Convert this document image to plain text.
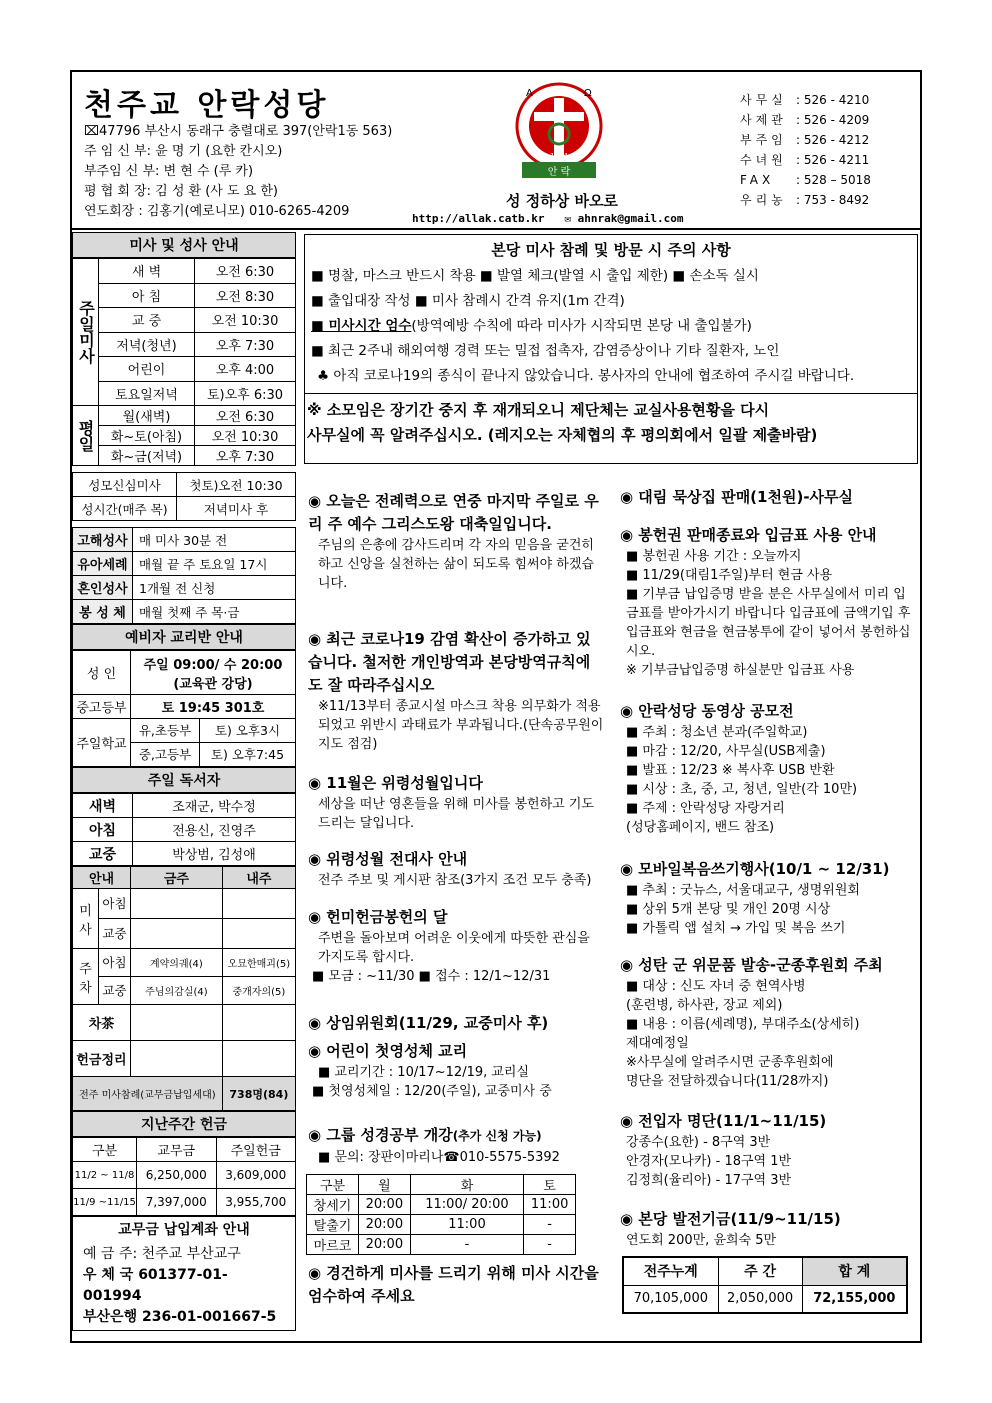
천주교 안락성당
⌧47796 부산시 동래구 충렬대로 397(안락1동 563)
주 임 신 부: 윤 명 기 (요한 칸시오)
부주임 신 부: 변 현 수 (루 카)
평 협 회 장: 김 성 환 (사 도 요 한)
연도회장 : 김홍기(예로니모) 010-6265-4209
Α	Ω
안 락
1984
성 정하상 바오로
http://allak.catb.kr ✉ ahnrak@gmail.com
사무실 : 526 - 4210
사제관 : 526 - 4209
부주임 : 526 - 4212
수녀원 : 526 - 4211
FAX : 528 – 5018
우리농 : 753 - 8492
미사 및 성사 안내
주일미사	새 벽	오전 6:30
	아 침	오전 8:30
	교 중	오전 10:30
	저녁(청년)	오후 7:30
	어린이	오후 4:00
	토요일저녁	토)오후 6:30
평일	월(새벽)	오전 6:30
	화~토(아침)	오전 10:30
	화~금(저녁)	오후 7:30
성모신심미사	첫토)오전 10:30
성시간(매주 목)	저녁미사 후
고해성사	매 미사 30분 전
유아세례	매월 끝 주 토요일 17시
혼인성사	1개월 전 신청
봉 성 체	매월 첫째 주 목·금
예비자 교리반 안내
성 인	주일 09:00/ 수 20:00
(교육관 강당)	

중고등부	토 19:45 301호	
주일학교	유,초등부	토) 오후3시
	중,고등부	토) 오후7:45
주일 독서자
새벽	조재군, 박수정
아침	전용신, 진영주
교중	박상범, 김성애
안내		금주	내주
미사	아침		
	교중		
주차	아침	계약의궤(4)	오묘한매괴(5)
	교중	주님의감실(4)	중개자의(5)
차茶			
헌금정리			
전주 미사참례(교무금납입세대)			738명(84)
지난주간 헌금
구분	교무금	주일헌금
11/2 ~ 11/8	6,250,000	3,609,000
11/9 ~11/15	7,397,000	3,955,700
교무금 납입계좌 안내
예 금 주: 천주교 부산교구
우 체 국 601377-01-001994
부산은행 236-01-001667-5
본당 미사 참례 및 방문 시 주의 사항
■ 명찰, 마스크 반드시 착용 ■ 발열 체크(발열 시 출입 제한) ■ 손소독 실시
■ 출입대장 작성 ■ 미사 참례시 간격 유지(1m 간격)
■ 미사시간 엄수(방역예방 수칙에 따라 미사가 시작되면 본당 내 출입불가)
■ 최근 2주내 해외여행 경력 또는 밀접 접촉자, 감염증상이나 기타 질환자, 노인
♣ 아직 코로나19의 종식이 끝나지 않았습니다. 봉사자의 안내에 협조하여 주시길 바랍니다.
※ 소모임은 장기간 중지 후 재개되오니 제단체는 교실사용현황을 다시
사무실에 꼭 알려주십시오. (레지오는 자체협의 후 평의회에서 일괄 제출바람)
◉ 오늘은 전례력으로 연중 마지막 주일로 우리 주 예수 그리스도왕 대축일입니다.
주님의 은총에 감사드리며 각 자의 믿음을 굳건히 하고 신앙을 실천하는 삶이 되도록 힘써야 하겠습니다.
◉ 최근 코로나19 감염 확산이 증가하고 있습니다. 철저한 개인방역과 본당방역규칙에도 잘 따라주십시오
※11/13부터 종교시설 마스크 착용 의무화가 적용되었고 위반시 과태료가 부과됩니다.(단속공무원이 지도 점검)
◉ 11월은 위령성월입니다
세상을 떠난 영혼들을 위해 미사를 봉헌하고 기도 드리는 달입니다.
◉ 위령성월 전대사 안내
전주 주보 및 게시판 참조(3가지 조건 모두 충족)
◉ 헌미헌금봉헌의 달
주변을 돌아보며 어려운 이웃에게 따뜻한 관심을 가지도록 합시다.
■ 모금 : ~11/30 ■ 접수 : 12/1~12/31
◉ 상임위원회(11/29, 교중미사 후)
◉ 어린이 첫영성체 교리
■ 교리기간 : 10/17~12/19, 교리실
■ 첫영성체일 : 12/20(주일), 교중미사 중
◉ 그룹 성경공부 개강(추가 신청 가능)
■ 문의: 장판이마리나☎010-5575-5392
◉ 경건하게 미사를 드리기 위해 미사 시간을 엄수하여 주세요
◉ 대림 묵상집 판매(1천원)-사무실
◉ 봉헌권 판매종료와 입금표 사용 안내
■ 봉헌권 사용 기간 : 오늘까지
■ 11/29(대림1주일)부터 현금 사용
■ 기부금 납입증명 받을 분은 사무실에서 미리 입금표를 받아가시기 바랍니다 입금표에 금액기입 후 입금표와 현금을 현금봉투에 같이 넣어서 봉헌하십시오.
※ 기부금납입증명 하실분만 입금표 사용
◉ 안락성당 동영상 공모전
■ 주최 : 청소년 분과(주일학교)
■ 마감 : 12/20, 사무실(USB제출)
■ 발표 : 12/23 ※ 복사후 USB 반환
■ 시상 : 초, 중, 고, 청년, 일반(각 10만)
■ 주제 : 안락성당 자랑거리
(성당홈페이지, 밴드 참조)
◉ 모바일복음쓰기행사(10/1 ~ 12/31)
■ 추최 : 굿뉴스, 서울대교구, 생명위원회
■ 상위 5개 본당 및 개인 20명 시상
■ 가톨릭 앱 설치 → 가입 및 복음 쓰기
◉ 성탄 군 위문품 발송-군종후원회 주최
■ 대상 : 신도 자녀 중 현역사병
(훈련병, 하사관, 장교 제외)
■ 내용 : 이름(세례명), 부대주소(상세히)
제대예정일
※사무실에 알려주시면 군종후원회에
명단을 전달하겠습니다(11/28까지)
◉ 전입자 명단(11/1~11/15)
강종수(요한) - 8구역 3반
안경자(모나카) - 18구역 1반
김정희(율리아) - 17구역 3반
◉ 본당 발전기금(11/9~11/15)
연도회 200만, 윤희숙 5만
구분	월	화	토
창세기	20:00	11:00/ 20:00	11:00
탈출기	20:00	11:00	-
마르코	20:00	-	-
전주누계	주 간	합 계
70,105,000	2,050,000	72,155,000
